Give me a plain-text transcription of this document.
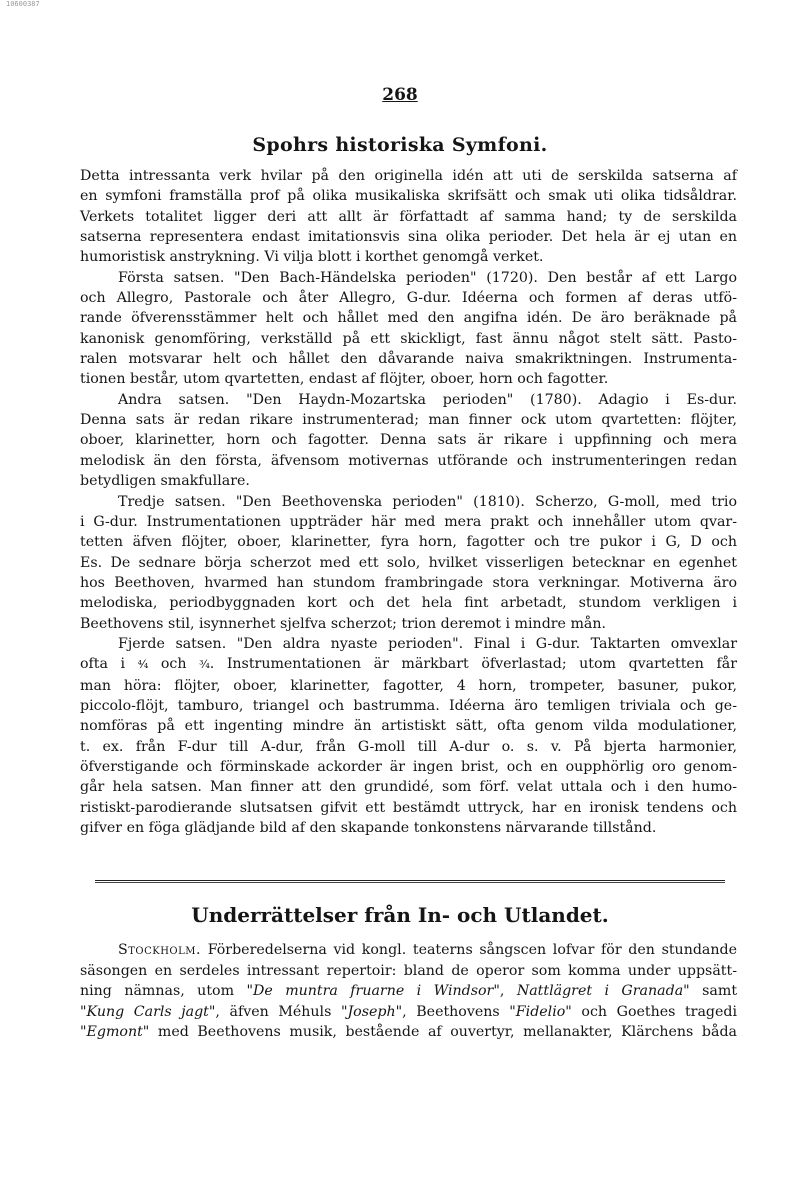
10600387
268
Spohrs historiska Symfoni.

Detta intressanta verk hvilar på den originella idén att uti de serskilda satserna af

en symfoni framställa prof på olika musikaliska skrifsätt och smak uti olika tidsåldrar.

Verkets totalitet ligger deri att allt är författadt af samma hand; ty de serskilda

satserna representera endast imitationsvis sina olika perioder. Det hela är ej utan en

humoristisk anstrykning. Vi vilja blott i korthet genomgå verket.

Första satsen. "Den Bach-Händelska perioden" (1720). Den består af ett Largo

och Allegro, Pastorale och åter Allegro, G-dur. Idéerna och formen af deras utfö-

rande öfverensstämmer helt och hållet med den angifna idén. De äro beräknade på

kanonisk genomföring, verkställd på ett skickligt, fast ännu något stelt sätt. Pasto-

ralen motsvarar helt och hållet den dåvarande naiva smakriktningen. Instrumenta-

tionen består, utom qvartetten, endast af flöjter, oboer, horn och fagotter.

Andra satsen. "Den Haydn-Mozartska perioden" (1780). Adagio i Es-dur.

Denna sats är redan rikare instrumenterad; man finner ock utom qvartetten: flöjter,

oboer, klarinetter, horn och fagotter. Denna sats är rikare i uppfinning och mera

melodisk än den första, äfvensom motivernas utförande och instrumenteringen redan

betydligen smakfullare.

Tredje satsen. "Den Beethovenska perioden" (1810). Scherzo, G-moll, med trio

i G-dur. Instrumentationen uppträder här med mera prakt och innehåller utom qvar-

tetten äfven flöjter, oboer, klarinetter, fyra horn, fagotter och tre pukor i G, D och

Es. De sednare börja scherzot med ett solo, hvilket visserligen betecknar en egenhet

hos Beethoven, hvarmed han stundom frambringade stora verkningar. Motiverna äro

melodiska, periodbyggnaden kort och det hela fint arbetadt, stundom verkligen i

Beethovens stil, isynnerhet sjelfva scherzot; trion deremot i mindre mån.

Fjerde satsen. "Den aldra nyaste perioden". Final i G-dur. Taktarten omvexlar

ofta i ⁴⁄₄ och ³⁄₄. Instrumentationen är märkbart öfverlastad; utom qvartetten får

man höra: flöjter, oboer, klarinetter, fagotter, 4 horn, trompeter, basuner, pukor,

piccolo-flöjt, tamburo, triangel och bastrumma. Idéerna äro temligen triviala och ge-

nomföras på ett ingenting mindre än artistiskt sätt, ofta genom vilda modulationer,

t. ex. från F-dur till A-dur, från G-moll till A-dur o. s. v. På bjerta harmonier,

öfverstigande och förminskade ackorder är ingen brist, och en oupphörlig oro genom-

går hela satsen. Man finner att den grundidé, som förf. velat uttala och i den humo-

ristiskt-parodierande slutsatsen gifvit ett bestämdt uttryck, har en ironisk tendens och

gifver en föga glädjande bild af den skapande tonkonstens närvarande tillstånd.

Underrättelser från In- och Utlandet.

Stockholm. Förberedelserna vid kongl. teaterns sångscen lofvar för den stundande

säsongen en serdeles intressant repertoir: bland de operor som komma under uppsätt-

ning nämnas, utom "De muntra fruarne i Windsor", Nattlägret i Granada" samt

"Kung Carls jagt", äfven Méhuls "Joseph", Beethovens "Fidelio" och Goethes tragedi

"Egmont" med Beethovens musik, bestående af ouvertyr, mellanakter, Klärchens båda
